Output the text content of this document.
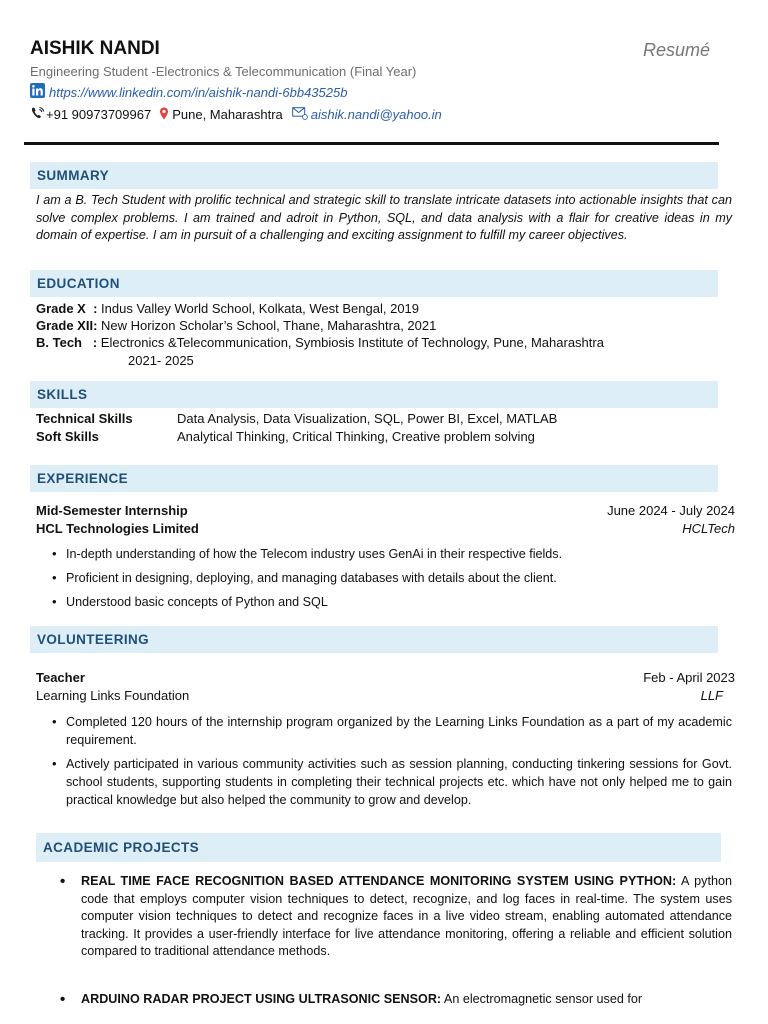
AISHIK NANDI	Resumé
Engineering Student -Electronics & Telecommunication (Final Year)
https://www.linkedin.com/in/aishik-nandi-6bb43525b
+91 90973709967 Pune, Maharashtra aishik.nandi@yahoo.in
SUMMARY
I am a B. Tech Student with prolific technical and strategic skill to translate intricate datasets into actionable insights that can solve complex problems. I am trained and adroit in Python, SQL, and data analysis with a flair for creative ideas in my domain of expertise. I am in pursuit of a challenging and exciting assignment to fulfill my career objectives.
EDUCATION
Grade X  : Indus Valley World School, Kolkata, West Bengal, 2019
Grade XII: New Horizon Scholar’s School, Thane, Maharashtra, 2021
B. Tech   : Electronics &Telecommunication, Symbiosis Institute of Technology, Pune, Maharashtra
2021- 2025
SKILLS
Technical Skills	Data Analysis, Data Visualization, SQL, Power BI, Excel, MATLAB
Soft Skills	Analytical Thinking, Critical Thinking, Creative problem solving
EXPERIENCE
Mid-Semester Internship	June 2024 - July 2024
HCL Technologies Limited	HCLTech
• In-depth understanding of how the Telecom industry uses GenAi in their respective fields.
• Proficient in designing, deploying, and managing databases with details about the client.
• Understood basic concepts of Python and SQL
VOLUNTEERING
Teacher	Feb - April 2023
Learning Links Foundation	LLF
• Completed 120 hours of the internship program organized by the Learning Links Foundation as a part of my academic requirement.
• Actively participated in various community activities such as session planning, conducting tinkering sessions for Govt. school students, supporting students in completing their technical projects etc. which have not only helped me to gain practical knowledge but also helped the community to grow and develop.
ACADEMIC PROJECTS
• REAL TIME FACE RECOGNITION BASED ATTENDANCE MONITORING SYSTEM USING PYTHON: A python code that employs computer vision techniques to detect, recognize, and log faces in real-time. The system uses computer vision techniques to detect and recognize faces in a live video stream, enabling automated attendance tracking. It provides a user-friendly interface for live attendance monitoring, offering a reliable and efficient solution compared to traditional attendance methods.
• ARDUINO RADAR PROJECT USING ULTRASONIC SENSOR: An electromagnetic sensor used for
